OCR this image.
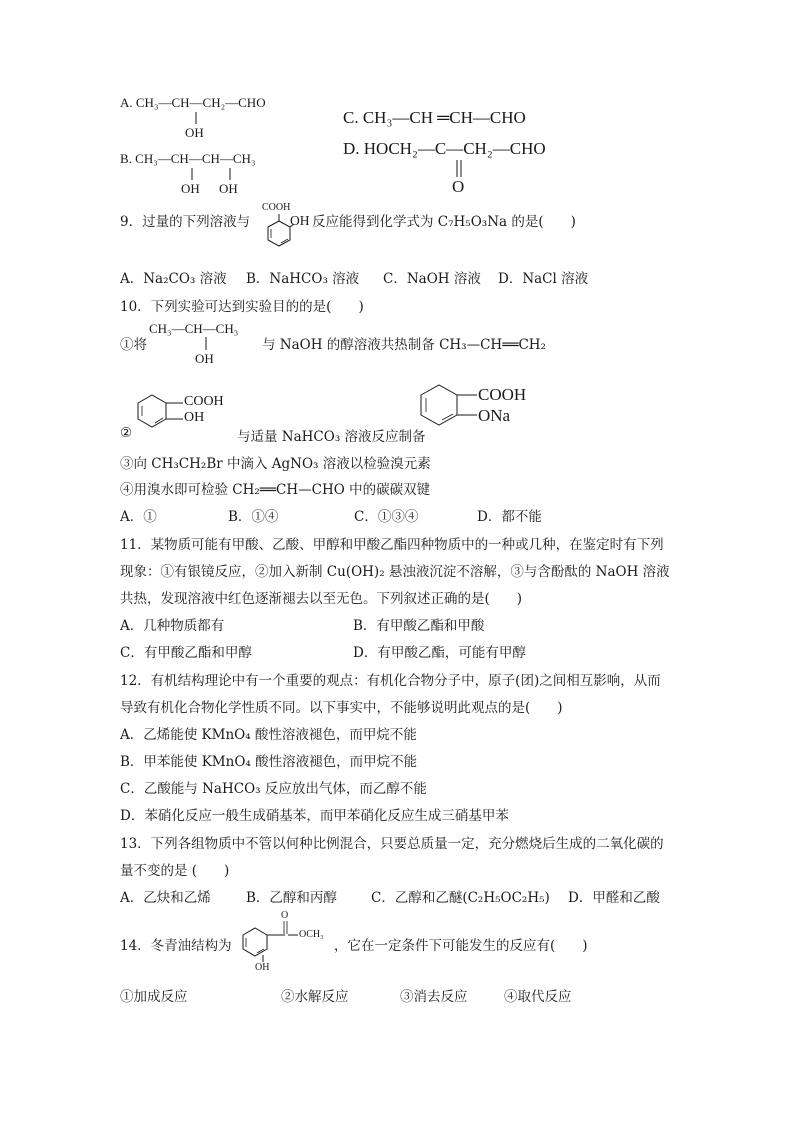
A. CH₃—CH—CH₂—CHO
OH
B. CH₃—CH—CH—CH₃
OH OH
C. CH₃—CH ═CH—CHO
D. HOCH₂—C—CH₂—CHO
O
9．过量的下列溶液与
COOH
OH 反应能得到化学式为 C₇H₅O₃Na 的是(　　)
A．Na₂CO₃ 溶液 B．NaHCO₃ 溶液 C．NaOH 溶液 D．NaCl 溶液
10．下列实验可达到实验目的的是(　　)
CH₃—CH—CH₃
OH
①将	与 NaOH 的醇溶液共热制备 CH₃—CH══CH₂
COOH
OH
②	与适量 NaHCO₃ 溶液反应制备
COOH
ONa
③向 CH₃CH₂Br 中滴入 AgNO₃ 溶液以检验溴元素
④用溴水即可检验 CH₂══CH—CHO 中的碳碳双键
A．①	B．①④	C．①③④	D．都不能
11．某物质可能有甲酸、乙酸、甲醇和甲酸乙酯四种物质中的一种或几种，在鉴定时有下列
现象：①有银镜反应，②加入新制 Cu(OH)₂ 悬浊液沉淀不溶解，③与含酚酞的 NaOH 溶液
共热，发现溶液中红色逐渐褪去以至无色。下列叙述正确的是(　　)
A．几种物质都有	B．有甲酸乙酯和甲酸
C．有甲酸乙酯和甲醇	D．有甲酸乙酯，可能有甲醇
12．有机结构理论中有一个重要的观点：有机化合物分子中，原子(团)之间相互影响，从而
导致有机化合物化学性质不同。以下事实中，不能够说明此观点的是(　　)
A．乙烯能使 KMnO₄ 酸性溶液褪色，而甲烷不能
B．甲苯能使 KMnO₄ 酸性溶液褪色，而甲烷不能
C．乙酸能与 NaHCO₃ 反应放出气体，而乙醇不能
D．苯硝化反应一般生成硝基苯，而甲苯硝化反应生成三硝基甲苯
13．下列各组物质中不管以何种比例混合，只要总质量一定，充分燃烧后生成的二氧化碳的
量不变的是 (　　)
A．乙炔和乙烯	B．乙醇和丙醇	C．乙醇和乙醚(C₂H₅OC₂H₅) D．甲醛和乙酸
14．冬青油结构为
O
OCH₃
OH
，它在一定条件下可能发生的反应有(　　)
①加成反应	②水解反应	③消去反应	④取代反应
